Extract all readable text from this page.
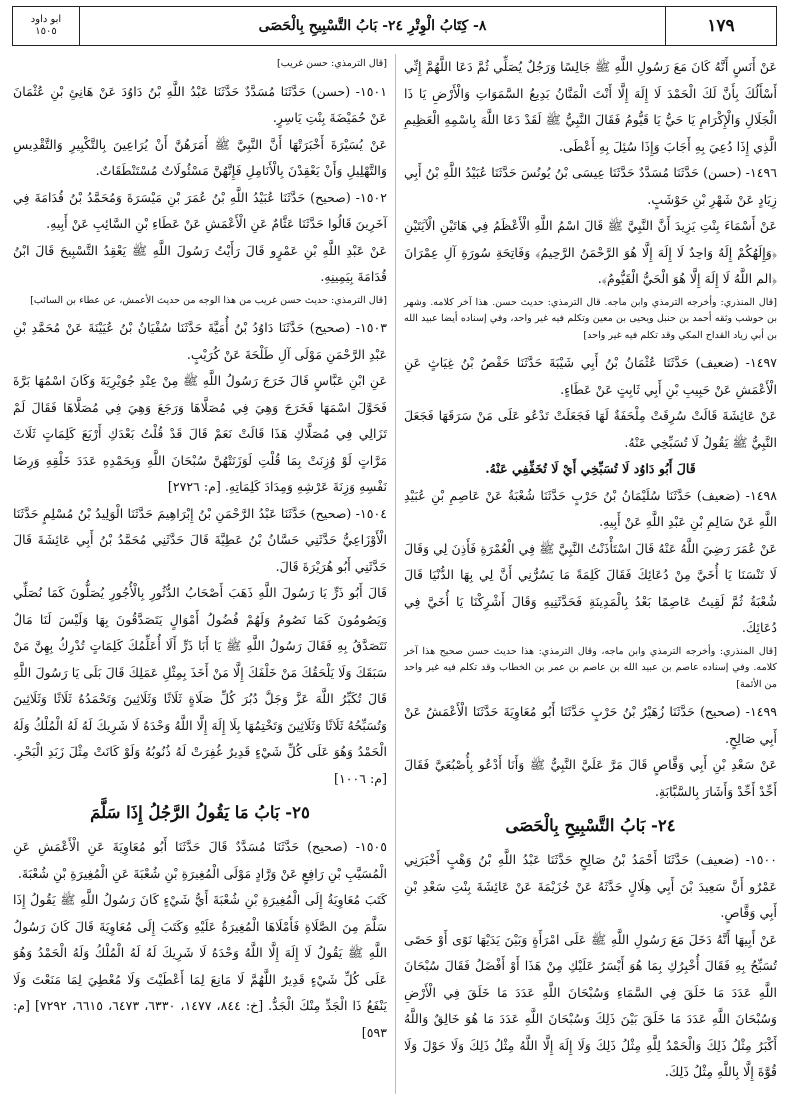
ابو داود
١٥٠٥	٨- كِتَابُ الْوِتْرِ ٢٤- بَابُ التَّسْبِيحِ بِالْحَصَى	١٧٩

عَنْ أَنَسٍ أَنَّهُ كَانَ مَعَ رَسُولِ اللَّهِ ﷺ جَالِسًا وَرَجُلٌ يُصَلِّي ثُمَّ دَعَا اللَّهُمَّ إِنِّي أَسْأَلُكَ بِأَنَّ لَكَ الْحَمْدَ لَا إِلَهَ إِلَّا أَنْتَ الْمَنَّانُ بَدِيعُ السَّمَوَاتِ وَالْأَرْضِ يَا ذَا الْجَلَالِ وَالْإِكْرَامِ يَا حَيُّ يَا قَيُّومُ فَقَالَ النَّبِيُّ ﷺ لَقَدْ دَعَا اللَّهَ بِاسْمِهِ الْعَظِيمِ الَّذِي إِذَا دُعِيَ بِهِ أَجَابَ وَإِذَا سُئِلَ بِهِ أَعْطَى.

١٤٩٦- (حسن) حَدَّثَنَا مُسَدَّدٌ حَدَّثَنَا عِيسَى بْنُ يُونُسَ حَدَّثَنَا عُبَيْدُ اللَّهِ بْنُ أَبِي زِيَادٍ عَنْ شَهْرِ بْنِ حَوْشَبٍ.

عَنْ أَسْمَاءَ بِنْتِ يَزِيدَ أَنَّ النَّبِيَّ ﷺ قَالَ اسْمُ اللَّهِ الْأَعْظَمُ فِي هَاتَيْنِ الْآيَتَيْنِ ﴿وَإِلَهُكُمْ إِلَهٌ وَاحِدٌ لَا إِلَهَ إِلَّا هُوَ الرَّحْمَنُ الرَّحِيمُ﴾ وَفَاتِحَةِ سُورَةِ آلِ عِمْرَانَ ﴿الم اللَّهُ لَا إِلَهَ إِلَّا هُوَ الْحَيُّ الْقَيُّومُ﴾.

[قال المنذري: وأخرجه الترمذي وابن ماجه. قال الترمذي: حديث حسن. هذا آخر كلامه. وشهر بن حوشب وثقه أحمد بن حنبل ويحيى بن معين وتكلم فيه غير واحد، وفي إسناده أيضا عبيد الله بن أبي زياد القداح المكي وقد تكلم فيه غير واحد]

١٤٩٧- (ضعيف) حَدَّثَنَا عُثْمَانُ بْنُ أَبِي شَيْبَةَ حَدَّثَنَا حَفْصُ بْنُ غِيَاثٍ عَنِ الْأَعْمَشِ عَنْ حَبِيبِ بْنِ أَبِي ثَابِتٍ عَنْ عَطَاءٍ.

عَنْ عَائِشَةَ قَالَتْ سُرِقَتْ مِلْحَفَةٌ لَهَا فَجَعَلَتْ تَدْعُو عَلَى مَنْ سَرَقَهَا فَجَعَلَ النَّبِيُّ ﷺ يَقُولُ لَا تُسَبِّخِي عَنْهُ.

قَالَ أَبُو دَاوُد لَا تُسَبِّخِي أَيْ لَا تُخَفِّفِي عَنْهُ.

١٤٩٨- (ضعيف) حَدَّثَنَا سُلَيْمَانُ بْنُ حَرْبٍ حَدَّثَنَا شُعْبَةُ عَنْ عَاصِمِ بْنِ عُبَيْدِ اللَّهِ عَنْ سَالِمِ بْنِ عَبْدِ اللَّهِ عَنْ أَبِيهِ.

عَنْ عُمَرَ رَضِيَ اللَّهُ عَنْهُ قَالَ اسْتَأْذَنْتُ النَّبِيَّ ﷺ فِي الْعُمْرَةِ فَأَذِنَ لِي وَقَالَ لَا تَنْسَنَا يَا أُخَيَّ مِنْ دُعَائِكَ فَقَالَ كَلِمَةً مَا يَسُرُّنِي أَنَّ لِي بِهَا الدُّنْيَا قَالَ شُعْبَةُ ثُمَّ لَقِيتُ عَاصِمًا بَعْدُ بِالْمَدِينَةِ فَحَدَّثَنِيهِ وَقَالَ أَشْرِكْنَا يَا أُخَيَّ فِي دُعَائِكَ.

[قال المنذري: وأخرجه الترمذي وابن ماجه، وقال الترمذي: هذا حديث حسن صحيح هذا آخر كلامه. وفي إسناده عاصم بن عبيد الله بن عاصم بن عمر بن الخطاب وقد تكلم فيه غير واحد من الأئمة]

١٤٩٩- (صحيح) حَدَّثَنَا زُهَيْرُ بْنُ حَرْبٍ حَدَّثَنَا أَبُو مُعَاوِيَةَ حَدَّثَنَا الْأَعْمَشُ عَنْ أَبِي صَالِحٍ.

عَنْ سَعْدِ بْنِ أَبِي وَقَّاصٍ قَالَ مَرَّ عَلَيَّ النَّبِيُّ ﷺ وَأَنَا أَدْعُو بِأُصْبُعَيَّ فَقَالَ أَحِّدْ أَحِّدْ وَأَشَارَ بِالسَّبَّابَةِ.

٢٤- بَابُ التَّسْبِيحِ بِالْحَصَى

١٥٠٠- (ضعيف) حَدَّثَنَا أَحْمَدُ بْنُ صَالِحٍ حَدَّثَنَا عَبْدُ اللَّهِ بْنُ وَهْبٍ أَخْبَرَنِي عَمْرٌو أَنَّ سَعِيدَ بْنَ أَبِي هِلَالٍ حَدَّثَهُ عَنْ خُزَيْمَةَ عَنْ عَائِشَةَ بِنْتِ سَعْدِ بْنِ أَبِي وَقَّاصٍ.

عَنْ أَبِيهَا أَنَّهُ دَخَلَ مَعَ رَسُولِ اللَّهِ ﷺ عَلَى امْرَأَةٍ وَبَيْنَ يَدَيْهَا نَوًى أَوْ حَصًى تُسَبِّحُ بِهِ فَقَالَ أُخْبِرُكِ بِمَا هُوَ أَيْسَرُ عَلَيْكِ مِنْ هَذَا أَوْ أَفْضَلُ فَقَالَ سُبْحَانَ اللَّهِ عَدَدَ مَا خَلَقَ فِي السَّمَاءِ وَسُبْحَانَ اللَّهِ عَدَدَ مَا خَلَقَ فِي الْأَرْضِ وَسُبْحَانَ اللَّهِ عَدَدَ مَا خَلَقَ بَيْنَ ذَلِكَ وَسُبْحَانَ اللَّهِ عَدَدَ مَا هُوَ خَالِقٌ وَاللَّهُ أَكْبَرُ مِثْلُ ذَلِكَ وَالْحَمْدُ لِلَّهِ مِثْلُ ذَلِكَ وَلَا إِلَهَ إِلَّا اللَّهُ مِثْلُ ذَلِكَ وَلَا حَوْلَ وَلَا قُوَّةَ إِلَّا بِاللَّهِ مِثْلُ ذَلِكَ.

[قال الترمذي: حسن غريب]

١٥٠١- (حسن) حَدَّثَنَا مُسَدَّدٌ حَدَّثَنَا عَبْدُ اللَّهِ بْنُ دَاوُدَ عَنْ هَانِئِ بْنِ عُثْمَانَ عَنْ حُمَيْضَةَ بِنْتِ يَاسِرٍ.

عَنْ يُسَيْرَةَ أَخْبَرَتْهَا أَنَّ النَّبِيَّ ﷺ أَمَرَهُنَّ أَنْ يُرَاعِينَ بِالتَّكْبِيرِ وَالتَّقْدِيسِ وَالتَّهْلِيلِ وَأَنْ يَعْقِدْنَ بِالْأَنَامِلِ فَإِنَّهُنَّ مَسْئُولَاتٌ مُسْتَنْطَقَاتٌ.

١٥٠٢- (صحيح) حَدَّثَنَا عُبَيْدُ اللَّهِ بْنُ عُمَرَ بْنِ مَيْسَرَةَ وَمُحَمَّدُ بْنُ قُدَامَةَ فِي آخَرِينَ قَالُوا حَدَّثَنَا عَثَّامٌ عَنِ الْأَعْمَشِ عَنْ عَطَاءِ بْنِ السَّائِبِ عَنْ أَبِيهِ.

عَنْ عَبْدِ اللَّهِ بْنِ عَمْرٍو قَالَ رَأَيْتُ رَسُولَ اللَّهِ ﷺ يَعْقِدُ التَّسْبِيحَ قَالَ ابْنُ قُدَامَةَ بِيَمِينِهِ.

[قال الترمذي: حديث حسن غريب من هذا الوجه من حديث الأعمش، عن عطاء بن السائب]

١٥٠٣- (صحيح) حَدَّثَنَا دَاوُدُ بْنُ أُمَيَّةَ حَدَّثَنَا سُفْيَانُ بْنُ عُيَيْنَةَ عَنْ مُحَمَّدِ بْنِ عَبْدِ الرَّحْمَنِ مَوْلَى آلِ طَلْحَةَ عَنْ كُرَيْبٍ.

عَنِ ابْنِ عَبَّاسٍ قَالَ خَرَجَ رَسُولُ اللَّهِ ﷺ مِنْ عِنْدِ جُوَيْرِيَةَ وَكَانَ اسْمُهَا بَرَّةَ فَحَوَّلَ اسْمَهَا فَخَرَجَ وَهِيَ فِي مُصَلَّاهَا وَرَجَعَ وَهِيَ فِي مُصَلَّاهَا فَقَالَ لَمْ تَزَالِي فِي مُصَلَّاكِ هَذَا قَالَتْ نَعَمْ قَالَ قَدْ قُلْتُ بَعْدَكِ أَرْبَعَ كَلِمَاتٍ ثَلَاثَ مَرَّاتٍ لَوْ وُزِنَتْ بِمَا قُلْتِ لَوَزَنَتْهُنَّ سُبْحَانَ اللَّهِ وَبِحَمْدِهِ عَدَدَ خَلْقِهِ وَرِضَا نَفْسِهِ وَزِنَةَ عَرْشِهِ وَمِدَادَ كَلِمَاتِهِ. [م: ٢٧٢٦]

١٥٠٤- (صحيح) حَدَّثَنَا عَبْدُ الرَّحْمَنِ بْنُ إِبْرَاهِيمَ حَدَّثَنَا الْوَلِيدُ بْنُ مُسْلِمٍ حَدَّثَنَا الْأَوْزَاعِيُّ حَدَّثَنِي حَسَّانُ بْنُ عَطِيَّةَ قَالَ حَدَّثَنِي مُحَمَّدُ بْنُ أَبِي عَائِشَةَ قَالَ حَدَّثَنِي أَبُو هُرَيْرَةَ قَالَ.

قَالَ أَبُو ذَرٍّ يَا رَسُولَ اللَّهِ ذَهَبَ أَصْحَابُ الدُّثُورِ بِالْأُجُورِ يُصَلُّونَ كَمَا نُصَلِّي وَيَصُومُونَ كَمَا نَصُومُ وَلَهُمْ فُضُولُ أَمْوَالٍ يَتَصَدَّقُونَ بِهَا وَلَيْسَ لَنَا مَالٌ نَتَصَدَّقُ بِهِ فَقَالَ رَسُولُ اللَّهِ ﷺ يَا أَبَا ذَرٍّ أَلَا أُعَلِّمُكَ كَلِمَاتٍ تُدْرِكُ بِهِنَّ مَنْ سَبَقَكَ وَلَا يَلْحَقُكَ مَنْ خَلْفَكَ إِلَّا مَنْ أَخَذَ بِمِثْلِ عَمَلِكَ قَالَ بَلَى يَا رَسُولَ اللَّهِ قَالَ تُكَبِّرُ اللَّهَ عَزَّ وَجَلَّ دُبُرَ كُلِّ صَلَاةٍ ثَلَاثًا وَثَلَاثِينَ وَتَحْمَدُهُ ثَلَاثًا وَثَلَاثِينَ وَتُسَبِّحُهُ ثَلَاثًا وَثَلَاثِينَ وَتَخْتِمُهَا بِلَا إِلَهَ إِلَّا اللَّهُ وَحْدَهُ لَا شَرِيكَ لَهُ لَهُ الْمُلْكُ وَلَهُ الْحَمْدُ وَهُوَ عَلَى كُلِّ شَيْءٍ قَدِيرٌ غُفِرَتْ لَهُ ذُنُوبُهُ وَلَوْ كَانَتْ مِثْلَ زَبَدِ الْبَحْرِ. [م: ١٠٠٦]

٢٥- بَابُ مَا يَقُولُ الرَّجُلُ إِذَا سَلَّمَ

١٥٠٥- (صحيح) حَدَّثَنَا مُسَدَّدٌ قَالَ حَدَّثَنَا أَبُو مُعَاوِيَةَ عَنِ الْأَعْمَشِ عَنِ الْمُسَيَّبِ بْنِ رَافِعٍ عَنْ وَرَّادٍ مَوْلَى الْمُغِيرَةِ بْنِ شُعْبَةَ عَنِ الْمُغِيرَةِ بْنِ شُعْبَةَ.

كَتَبَ مُعَاوِيَةُ إِلَى الْمُغِيرَةِ بْنِ شُعْبَةَ أَيُّ شَيْءٍ كَانَ رَسُولُ اللَّهِ ﷺ يَقُولُ إِذَا سَلَّمَ مِنَ الصَّلَاةِ فَأَمْلَاهَا الْمُغِيرَةُ عَلَيْهِ وَكَتَبَ إِلَى مُعَاوِيَةَ قَالَ كَانَ رَسُولُ اللَّهِ ﷺ يَقُولُ لَا إِلَهَ إِلَّا اللَّهُ وَحْدَهُ لَا شَرِيكَ لَهُ لَهُ الْمُلْكُ وَلَهُ الْحَمْدُ وَهُوَ عَلَى كُلِّ شَيْءٍ قَدِيرٌ اللَّهُمَّ لَا مَانِعَ لِمَا أَعْطَيْتَ وَلَا مُعْطِيَ لِمَا مَنَعْتَ وَلَا يَنْفَعُ ذَا الْجَدِّ مِنْكَ الْجَدُّ. [خ: ٨٤٤، ١٤٧٧، ٦٣٣٠، ٦٤٧٣، ٦٦١٥، ٧٢٩٢] [م: ٥٩٣]
